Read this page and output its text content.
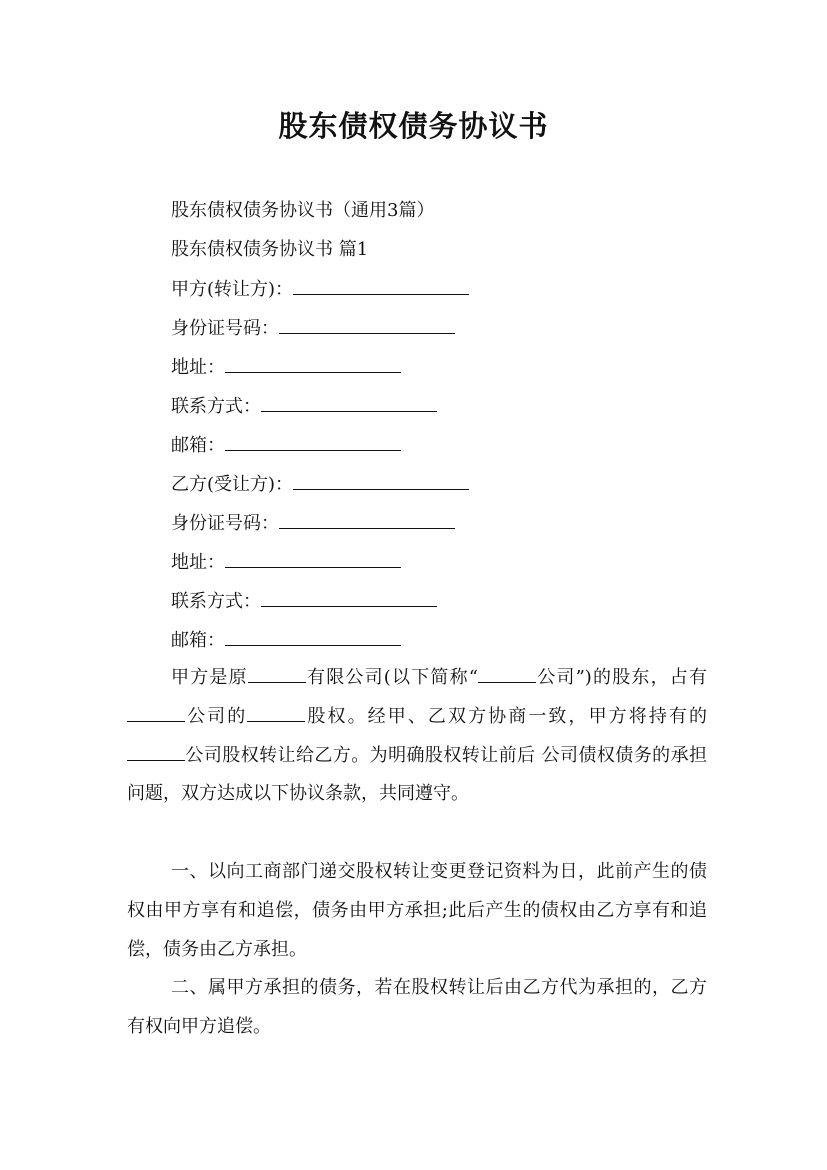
股东债权债务协议书
股东债权债务协议书（通用3篇）
股东债权债务协议书 篇1
甲方(转让方)：
身份证号码：
地址：
联系方式：
邮箱：
乙方(受让方)：
身份证号码：
地址：
联系方式：
邮箱：
甲方是原	有限公司(以下简称“	公司”)的股东，占有公司的	股权。经甲、乙双方协商一致，甲方将持有的公司股权转让给乙方。为明确股权转让前后 公司债权债务的承担问题，双方达成以下协议条款，共同遵守。
一、以向工商部门递交股权转让变更登记资料为日，此前产生的债权由甲方享有和追偿，债务由甲方承担;此后产生的债权由乙方享有和追偿，债务由乙方承担。
二、属甲方承担的债务，若在股权转让后由乙方代为承担的，乙方有权向甲方追偿。
